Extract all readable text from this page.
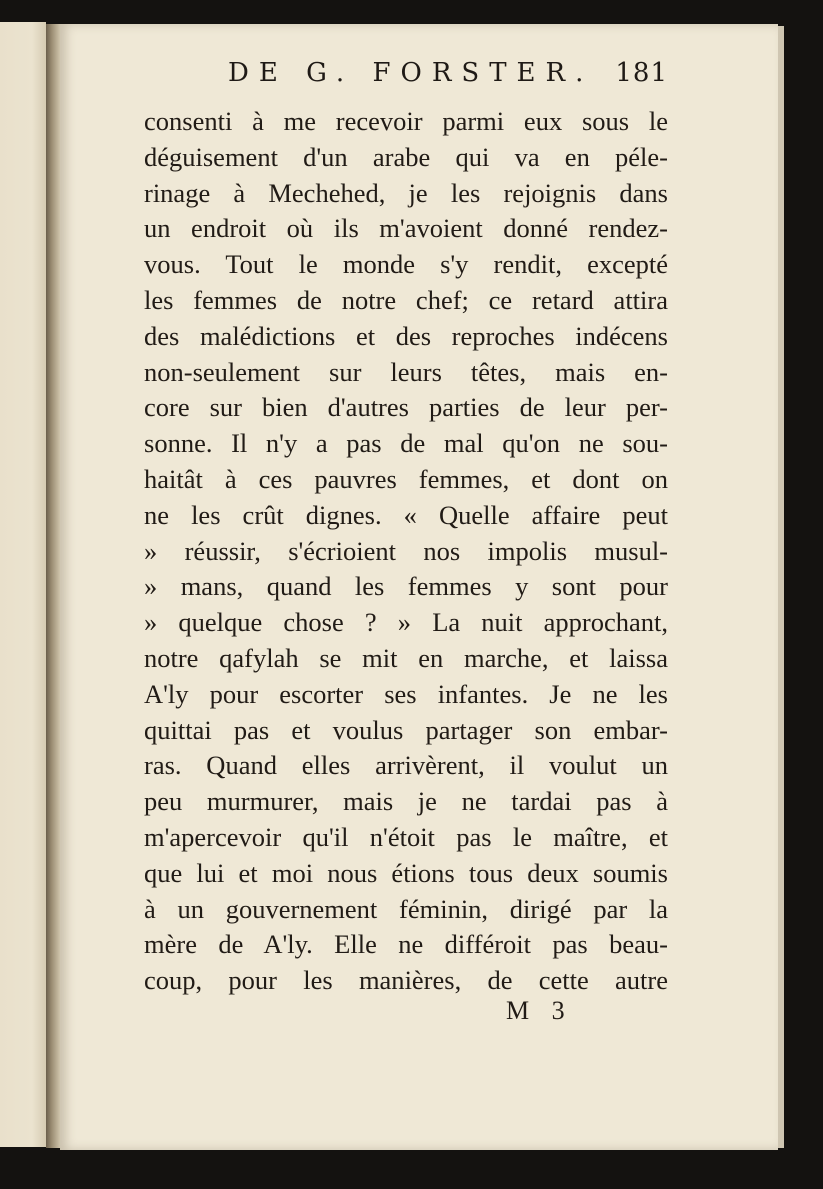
DE G. FORSTER. 181
consenti à me recevoir parmi eux sous le
déguisement d'un arabe qui va en péle-
rinage à Mechehed, je les rejoignis dans
un endroit où ils m'avoient donné rendez-
vous. Tout le monde s'y rendit, excepté
les femmes de notre chef; ce retard attira
des malédictions et des reproches indécens
non-seulement sur leurs têtes, mais en-
core sur bien d'autres parties de leur per-
sonne. Il n'y a pas de mal qu'on ne sou-
haitât à ces pauvres femmes, et dont on
ne les crût dignes. « Quelle affaire peut
» réussir, s'écrioient nos impolis musul-
» mans, quand les femmes y sont pour
» quelque chose ? » La nuit approchant,
notre qafylah se mit en marche, et laissa
A'ly pour escorter ses infantes. Je ne les
quittai pas et voulus partager son embar-
ras. Quand elles arrivèrent, il voulut un
peu murmurer, mais je ne tardai pas à
m'apercevoir qu'il n'étoit pas le maître, et
que lui et moi nous étions tous deux soumis
à un gouvernement féminin, dirigé par la
mère de A'ly. Elle ne différoit pas beau-
coup, pour les manières, de cette autre
M 3
